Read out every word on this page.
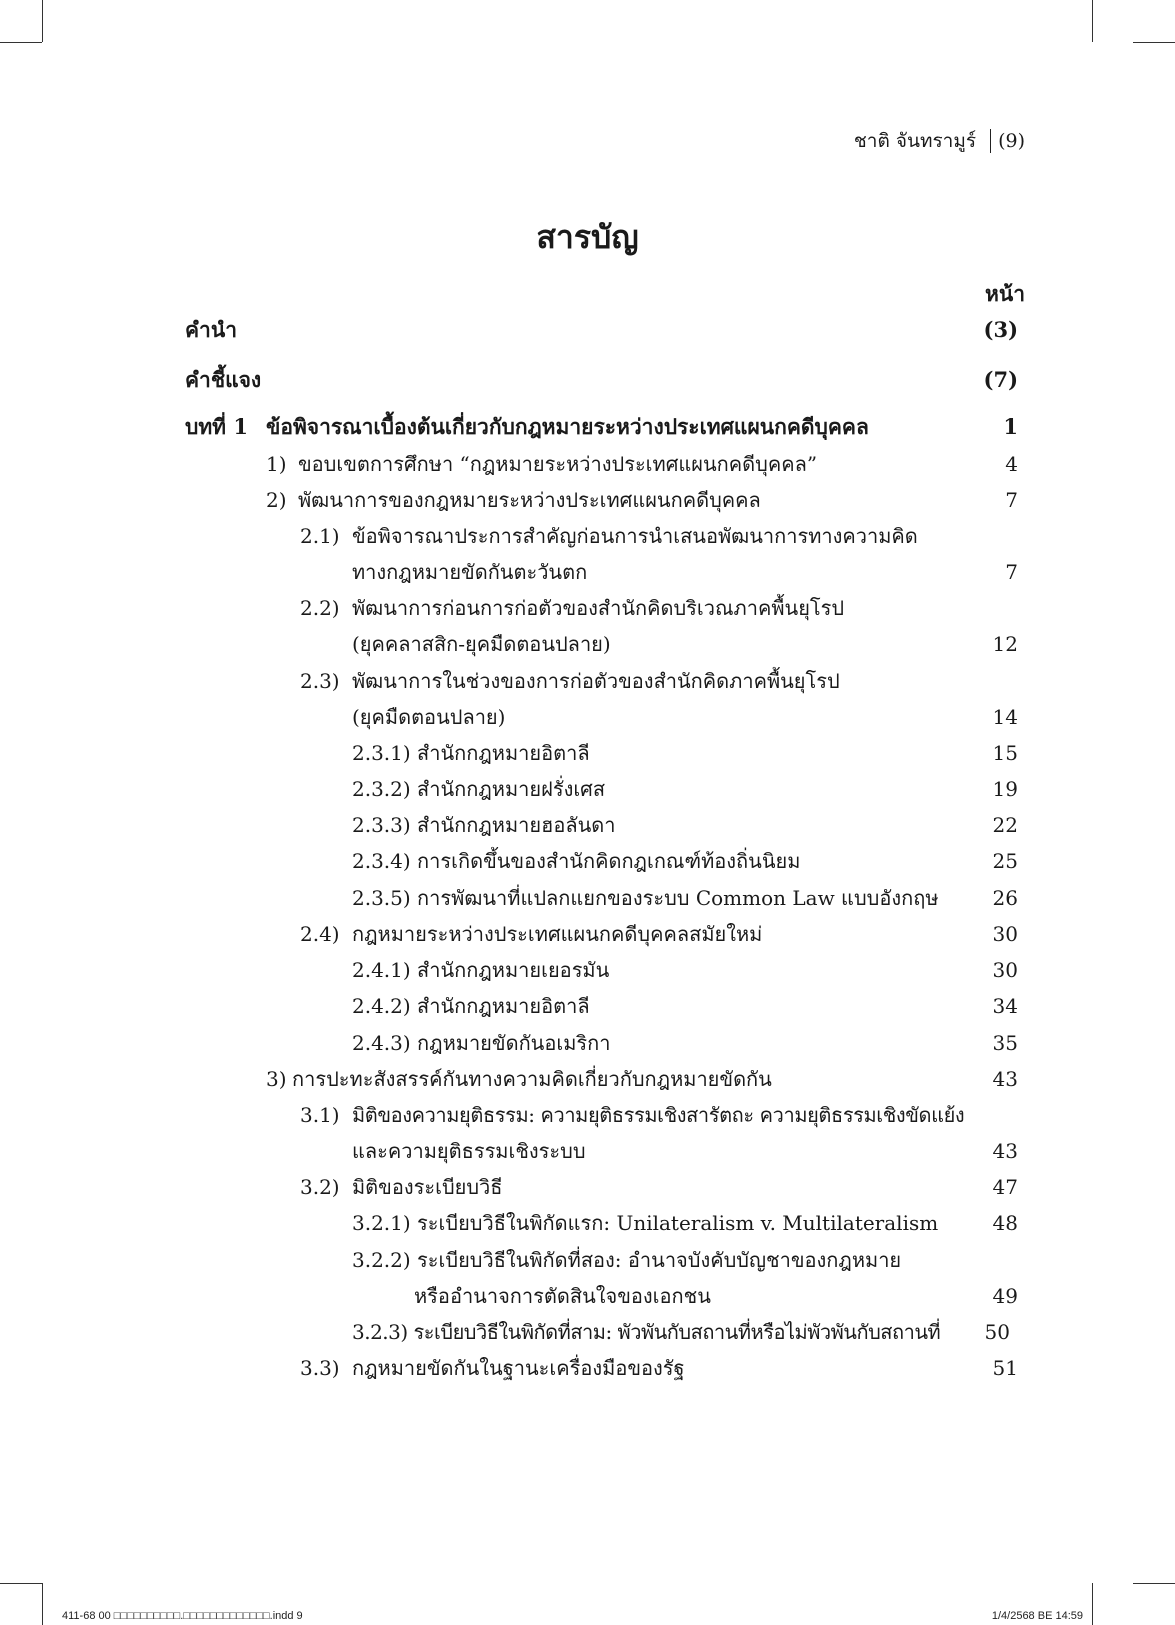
ชาติ จันทรามูร์ (9)
สารบัญ
หน้า
คำนำ	(3)
คำชี้แจง	(7)
บทที่ 1 ข้อพิจารณาเบื้องต้นเกี่ยวกับกฎหมายระหว่างประเทศแผนกคดีบุคคล	1
1) ขอบเขตการศึกษา “กฎหมายระหว่างประเทศแผนกคดีบุคคล”	4
2) พัฒนาการของกฎหมายระหว่างประเทศแผนกคดีบุคคล	7
2.1) ข้อพิจารณาประการสำคัญก่อนการนำเสนอพัฒนาการทางความคิด
ทางกฎหมายขัดกันตะวันตก	7
2.2) พัฒนาการก่อนการก่อตัวของสำนักคิดบริเวณภาคพื้นยุโรป
(ยุคคลาสสิก-ยุคมืดตอนปลาย)	12
2.3) พัฒนาการในช่วงของการก่อตัวของสำนักคิดภาคพื้นยุโรป
(ยุคมืดตอนปลาย)	14
2.3.1) สำนักกฎหมายอิตาลี	15
2.3.2) สำนักกฎหมายฝรั่งเศส	19
2.3.3) สำนักกฎหมายฮอลันดา	22
2.3.4) การเกิดขึ้นของสำนักคิดกฎเกณฑ์ท้องถิ่นนิยม	25
2.3.5) การพัฒนาที่แปลกแยกของระบบ Common Law แบบอังกฤษ	26
2.4) กฎหมายระหว่างประเทศแผนกคดีบุคคลสมัยใหม่	30
2.4.1) สำนักกฎหมายเยอรมัน	30
2.4.2) สำนักกฎหมายอิตาลี	34
2.4.3) กฎหมายขัดกันอเมริกา	35
3) การปะทะสังสรรค์กันทางความคิดเกี่ยวกับกฎหมายขัดกัน	43
3.1) มิติของความยุติธรรม: ความยุติธรรมเชิงสารัตถะ ความยุติธรรมเชิงขัดแย้ง
และความยุติธรรมเชิงระบบ	43
3.2) มิติของระเบียบวิธี	47
3.2.1) ระเบียบวิธีในพิกัดแรก: Unilateralism v. Multilateralism	48
3.2.2) ระเบียบวิธีในพิกัดที่สอง: อำนาจบังคับบัญชาของกฎหมาย
หรืออำนาจการตัดสินใจของเอกชน	49
3.2.3) ระเบียบวิธีในพิกัดที่สาม: พัวพันกับสถานที่หรือไม่พัวพันกับสถานที่ 50
3.3) กฎหมายขัดกันในฐานะเครื่องมือของรัฐ	51
411-68 00 □□□□□□□□□□.□□□□□□□□□□□□□.indd 9	1/4/2568 BE 14:59
